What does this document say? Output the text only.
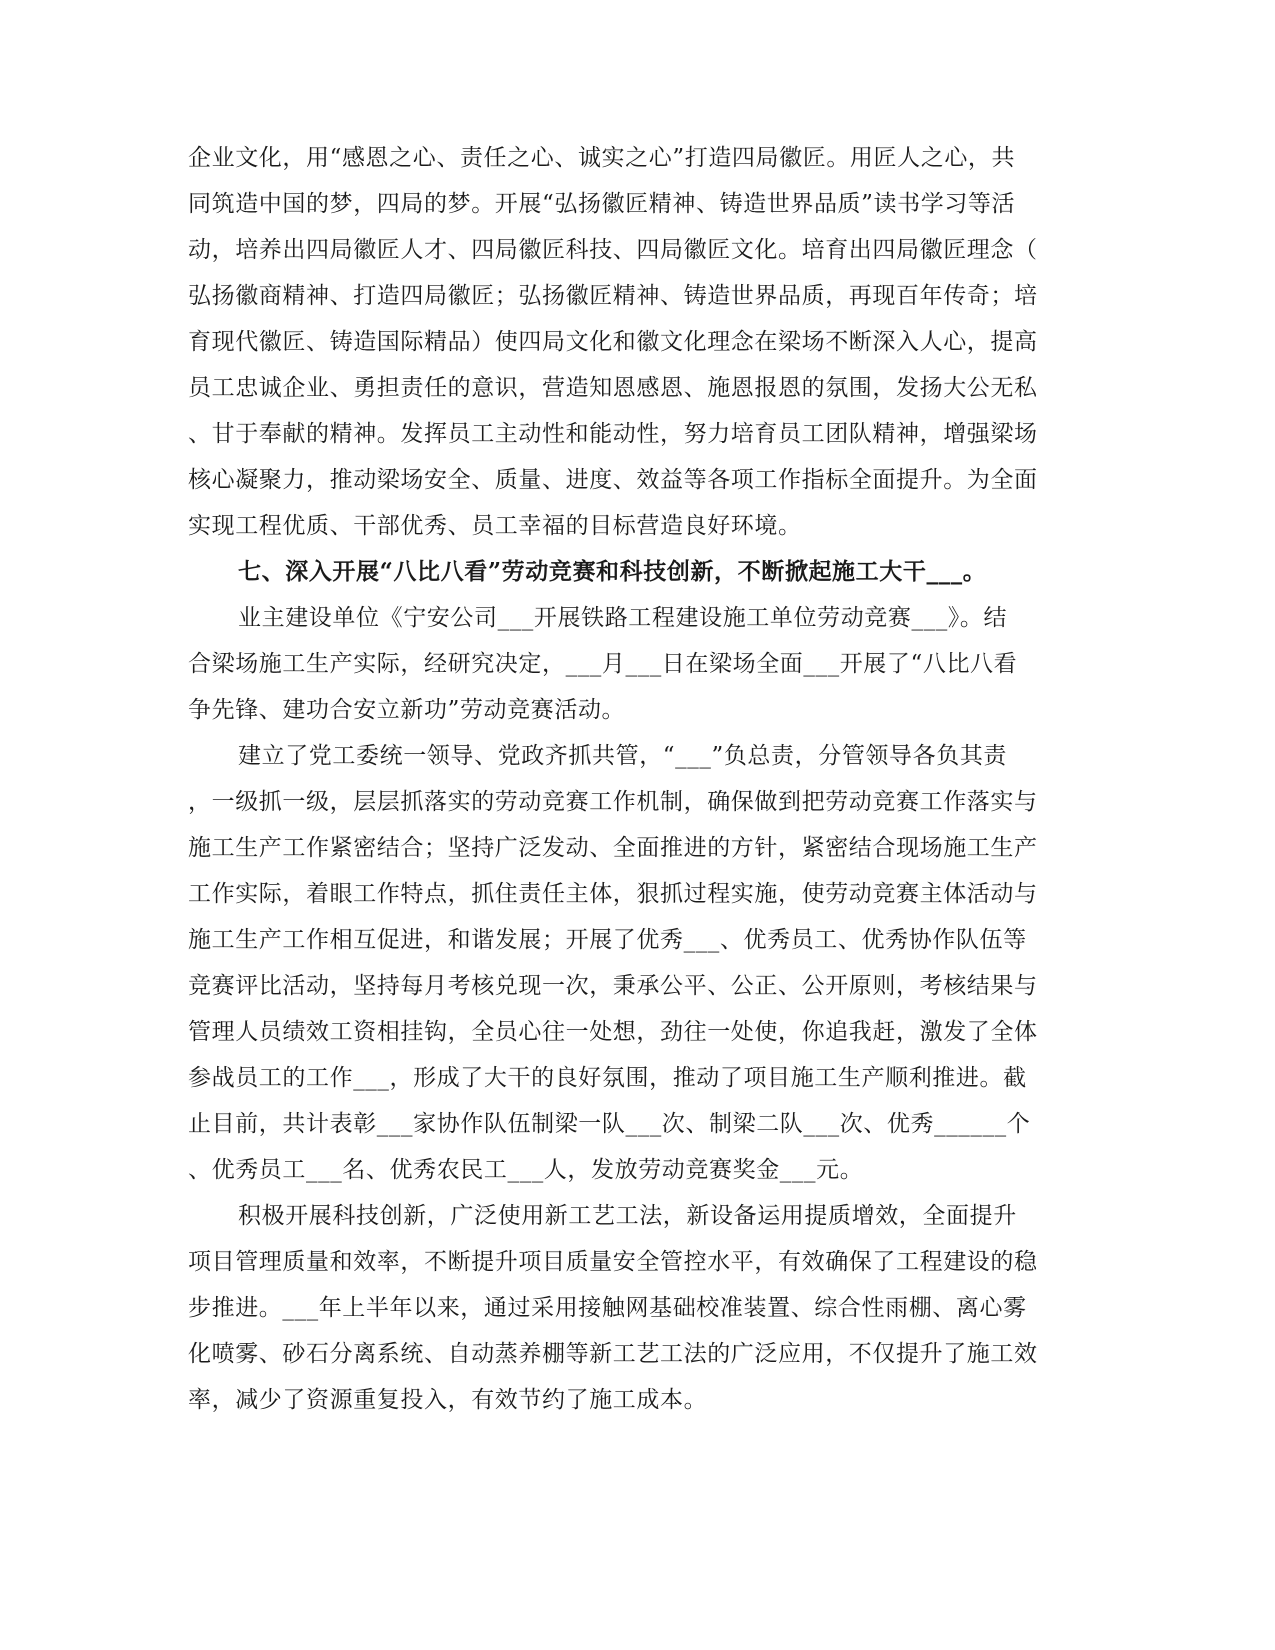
企业文化，用“感恩之心、责任之心、诚实之心”打造四局徽匠。用匠人之心，共
同筑造中国的梦，四局的梦。开展“弘扬徽匠精神、铸造世界品质”读书学习等活
动，培养出四局徽匠人才、四局徽匠科技、四局徽匠文化。培育出四局徽匠理念（
弘扬徽商精神、打造四局徽匠；弘扬徽匠精神、铸造世界品质，再现百年传奇；培
育现代徽匠、铸造国际精品）使四局文化和徽文化理念在梁场不断深入人心，提高
员工忠诚企业、勇担责任的意识，营造知恩感恩、施恩报恩的氛围，发扬大公无私
、甘于奉献的精神。发挥员工主动性和能动性，努力培育员工团队精神，增强梁场
核心凝聚力，推动梁场安全、质量、进度、效益等各项工作指标全面提升。为全面
实现工程优质、干部优秀、员工幸福的目标营造良好环境。
七、深入开展“八比八看”劳动竞赛和科技创新，不断掀起施工大干___。
业主建设单位《宁安公司___开展铁路工程建设施工单位劳动竞赛___》。结
合梁场施工生产实际，经研究决定，___月___日在梁场全面___开展了“八比八看
争先锋、建功合安立新功”劳动竞赛活动。
建立了党工委统一领导、党政齐抓共管，“___”负总责，分管领导各负其责
，一级抓一级，层层抓落实的劳动竞赛工作机制，确保做到把劳动竞赛工作落实与
施工生产工作紧密结合；坚持广泛发动、全面推进的方针，紧密结合现场施工生产
工作实际，着眼工作特点，抓住责任主体，狠抓过程实施，使劳动竞赛主体活动与
施工生产工作相互促进，和谐发展；开展了优秀___、优秀员工、优秀协作队伍等
竞赛评比活动，坚持每月考核兑现一次，秉承公平、公正、公开原则，考核结果与
管理人员绩效工资相挂钩，全员心往一处想，劲往一处使，你追我赶，激发了全体
参战员工的工作___，形成了大干的良好氛围，推动了项目施工生产顺利推进。截
止目前，共计表彰___家协作队伍制梁一队___次、制梁二队___次、优秀______个
、优秀员工___名、优秀农民工___人，发放劳动竞赛奖金___元。
积极开展科技创新，广泛使用新工艺工法，新设备运用提质增效，全面提升
项目管理质量和效率，不断提升项目质量安全管控水平，有效确保了工程建设的稳
步推进。___年上半年以来，通过采用接触网基础校准装置、综合性雨棚、离心雾
化喷雾、砂石分离系统、自动蒸养棚等新工艺工法的广泛应用，不仅提升了施工效
率，减少了资源重复投入，有效节约了施工成本。
